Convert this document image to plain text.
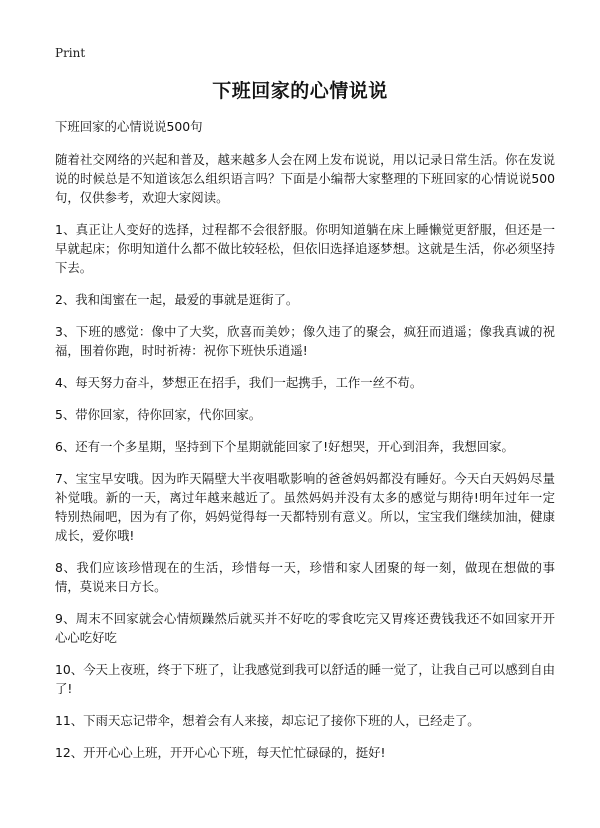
Print
下班回家的心情说说

下班回家的心情说说500句

随着社交网络的兴起和普及，越来越多人会在网上发布说说，用以记录日常生活。你在发说说的时候总是不知道该怎么组织语言吗？下面是小编帮大家整理的下班回家的心情说说500句，仅供参考，欢迎大家阅读。

1、真正让人变好的选择，过程都不会很舒服。你明知道躺在床上睡懒觉更舒服，但还是一早就起床；你明知道什么都不做比较轻松，但依旧选择追逐梦想。这就是生活，你必须坚持下去。

2、我和闺蜜在一起，最爱的事就是逛街了。

3、下班的感觉：像中了大奖，欣喜而美妙；像久违了的聚会，疯狂而逍遥；像我真诚的祝福，围着你跑，时时祈祷：祝你下班快乐逍遥!

4、每天努力奋斗，梦想正在招手，我们一起携手，工作一丝不苟。

5、带你回家，待你回家，代你回家。

6、还有一个多星期，坚持到下个星期就能回家了!好想哭，开心到泪奔，我想回家。

7、宝宝早安哦。因为昨天隔壁大半夜唱歌影响的爸爸妈妈都没有睡好。今天白天妈妈尽量补觉哦。新的一天，离过年越来越近了。虽然妈妈并没有太多的感觉与期待!明年过年一定特别热闹吧，因为有了你，妈妈觉得每一天都特别有意义。所以，宝宝我们继续加油，健康成长，爱你哦!

8、我们应该珍惜现在的生活，珍惜每一天，珍惜和家人团聚的每一刻，做现在想做的事情，莫说来日方长。

9、周末不回家就会心情烦躁然后就买并不好吃的零食吃完又胃疼还费钱我还不如回家开开心心吃好吃

10、今天上夜班，终于下班了，让我感觉到我可以舒适的睡一觉了，让我自己可以感到自由了!

11、下雨天忘记带伞，想着会有人来接，却忘记了接你下班的人，已经走了。

12、开开心心上班，开开心心下班，每天忙忙碌碌的，挺好!
